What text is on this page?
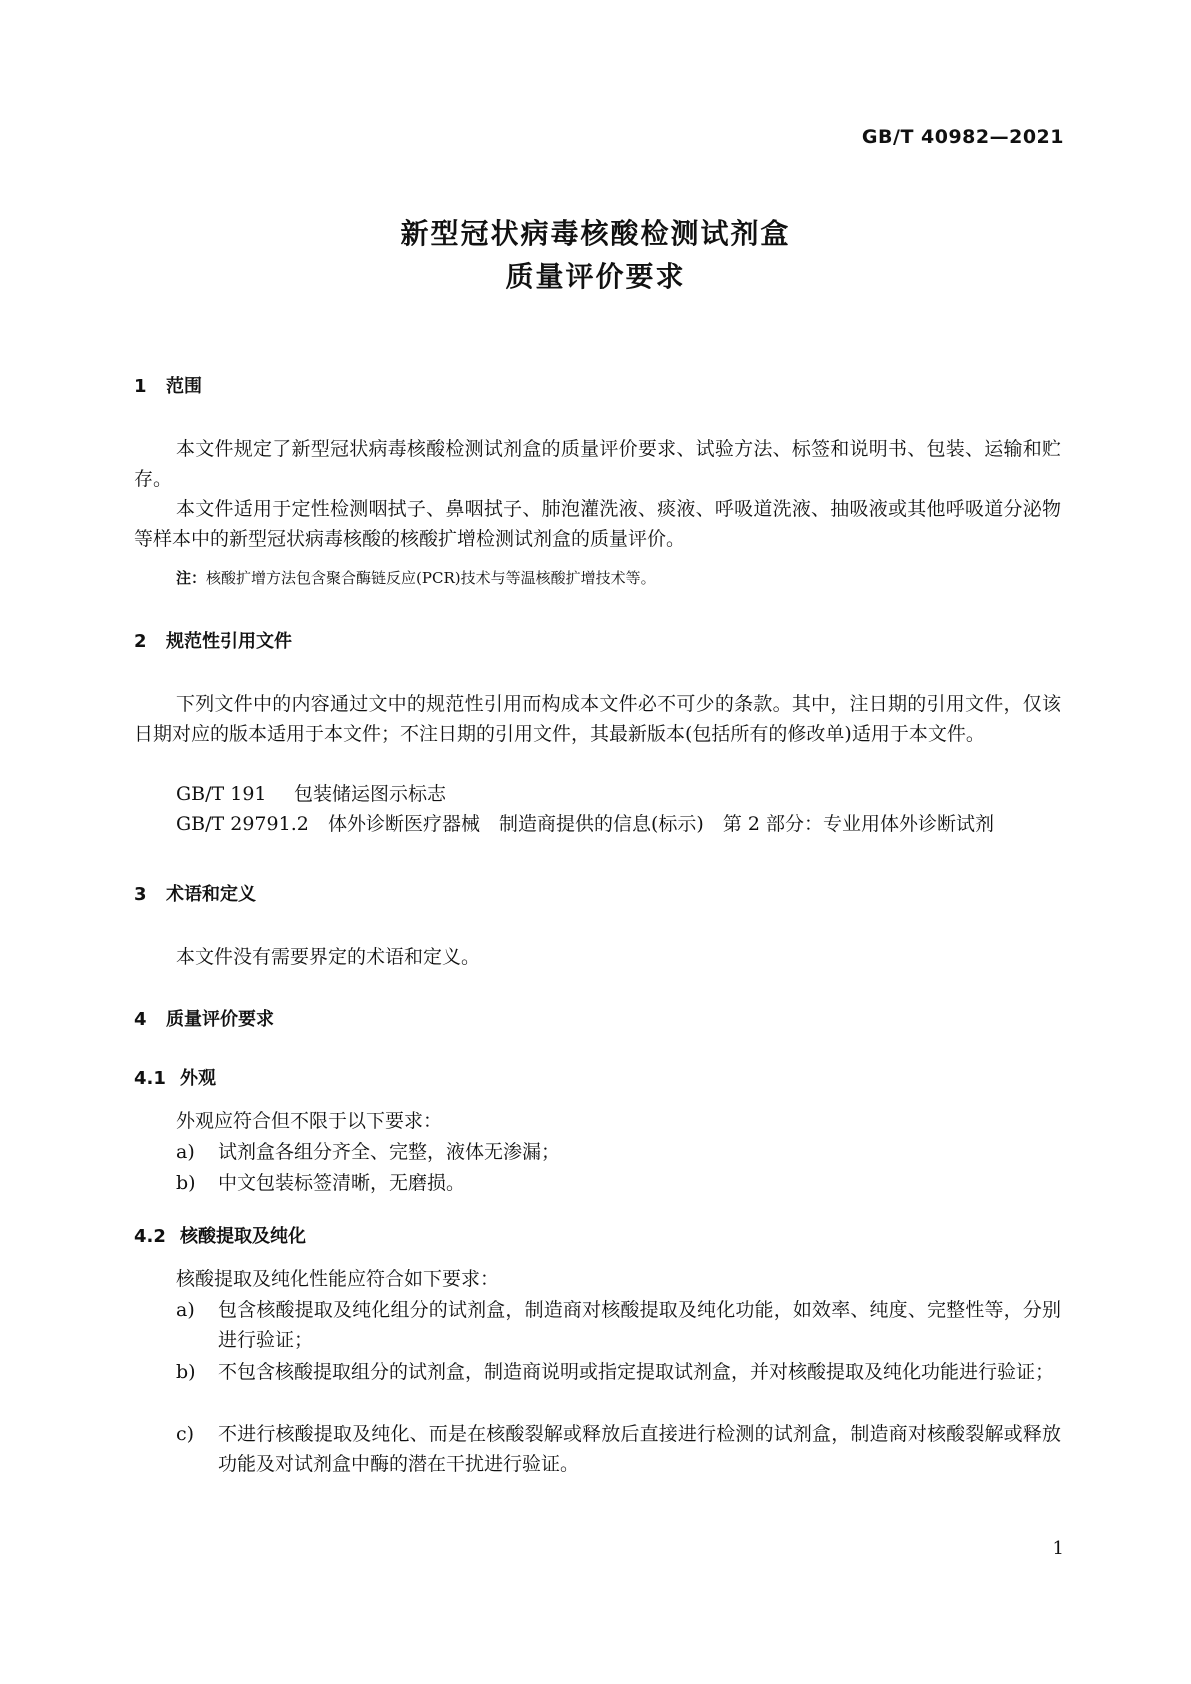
GB/T 40982—2021
新型冠状病毒核酸检测试剂盒
质量评价要求
1 范围
本文件规定了新型冠状病毒核酸检测试剂盒的质量评价要求、试验方法、标签和说明书、包装、运输和贮存。
本文件适用于定性检测咽拭子、鼻咽拭子、肺泡灌洗液、痰液、呼吸道洗液、抽吸液或其他呼吸道分泌物等样本中的新型冠状病毒核酸的核酸扩增检测试剂盒的质量评价。
注：核酸扩增方法包含聚合酶链反应(PCR)技术与等温核酸扩增技术等。
2 规范性引用文件
下列文件中的内容通过文中的规范性引用而构成本文件必不可少的条款。其中，注日期的引用文件，仅该日期对应的版本适用于本文件；不注日期的引用文件，其最新版本(包括所有的修改单)适用于本文件。
GB/T 191 包装储运图示标志
GB/T 29791.2 体外诊断医疗器械　制造商提供的信息(标示)　第 2 部分：专业用体外诊断试剂
3 术语和定义
本文件没有需要界定的术语和定义。
4 质量评价要求
4.1 外观
外观应符合但不限于以下要求：
a)	试剂盒各组分齐全、完整，液体无渗漏；
b)	中文包装标签清晰，无磨损。
4.2 核酸提取及纯化
核酸提取及纯化性能应符合如下要求：
a)	包含核酸提取及纯化组分的试剂盒，制造商对核酸提取及纯化功能，如效率、纯度、完整性等，分别进行验证；
b)	不包含核酸提取组分的试剂盒，制造商说明或指定提取试剂盒，并对核酸提取及纯化功能进行验证；
c)	不进行核酸提取及纯化、而是在核酸裂解或释放后直接进行检测的试剂盒，制造商对核酸裂解或释放功能及对试剂盒中酶的潜在干扰进行验证。
1
